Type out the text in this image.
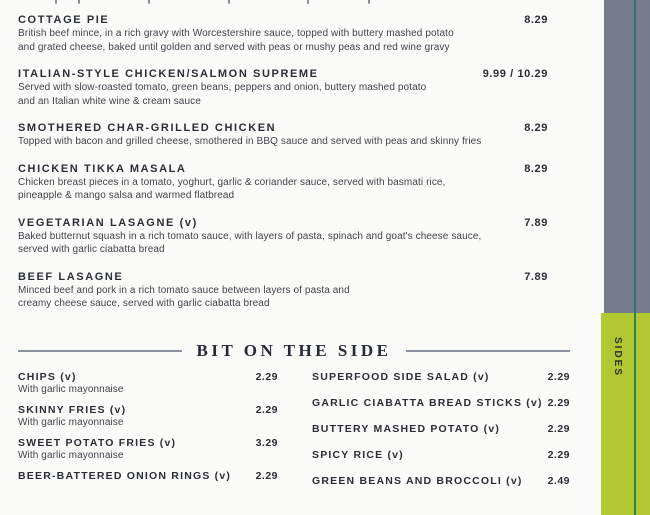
COTTAGE PIE	8.29
British beef mince, in a rich gravy with Worcestershire sauce, topped with buttery mashed potato
and grated cheese, baked until golden and served with peas or mushy peas and red wine gravy
ITALIAN-STYLE CHICKEN/SALMON SUPREME	9.99 / 10.29
Served with slow-roasted tomato, green beans, peppers and onion, buttery mashed potato
and an Italian white wine & cream sauce
SMOTHERED CHAR-GRILLED CHICKEN	8.29
Topped with bacon and grilled cheese, smothered in BBQ sauce and served with peas and skinny fries
CHICKEN TIKKA MASALA	8.29
Chicken breast pieces in a tomato, yoghurt, garlic & coriander sauce, served with basmati rice,
pineapple & mango salsa and warmed flatbread
VEGETARIAN LASAGNE (v)	7.89
Baked butternut squash in a rich tomato sauce, with layers of pasta, spinach and goat's cheese sauce,
served with garlic ciabatta bread
BEEF LASAGNE	7.89
Minced beef and pork in a rich tomato sauce between layers of pasta and
creamy cheese sauce, served with garlic ciabatta bread
BIT ON THE SIDE
CHIPS (v)	2.29
With garlic mayonnaise
SKINNY FRIES (v)	2.29
With garlic mayonnaise
SWEET POTATO FRIES (v)	3.29
With garlic mayonnaise
BEER-BATTERED ONION RINGS (v) 2.29
SUPERFOOD SIDE SALAD (v)	2.29
GARLIC CIABATTA BREAD STICKS (v) 2.29
BUTTERY MASHED POTATO (v)	2.29
SPICY RICE (v)	2.29
GREEN BEANS AND BROCCOLI (v) 2.49
SIDES
